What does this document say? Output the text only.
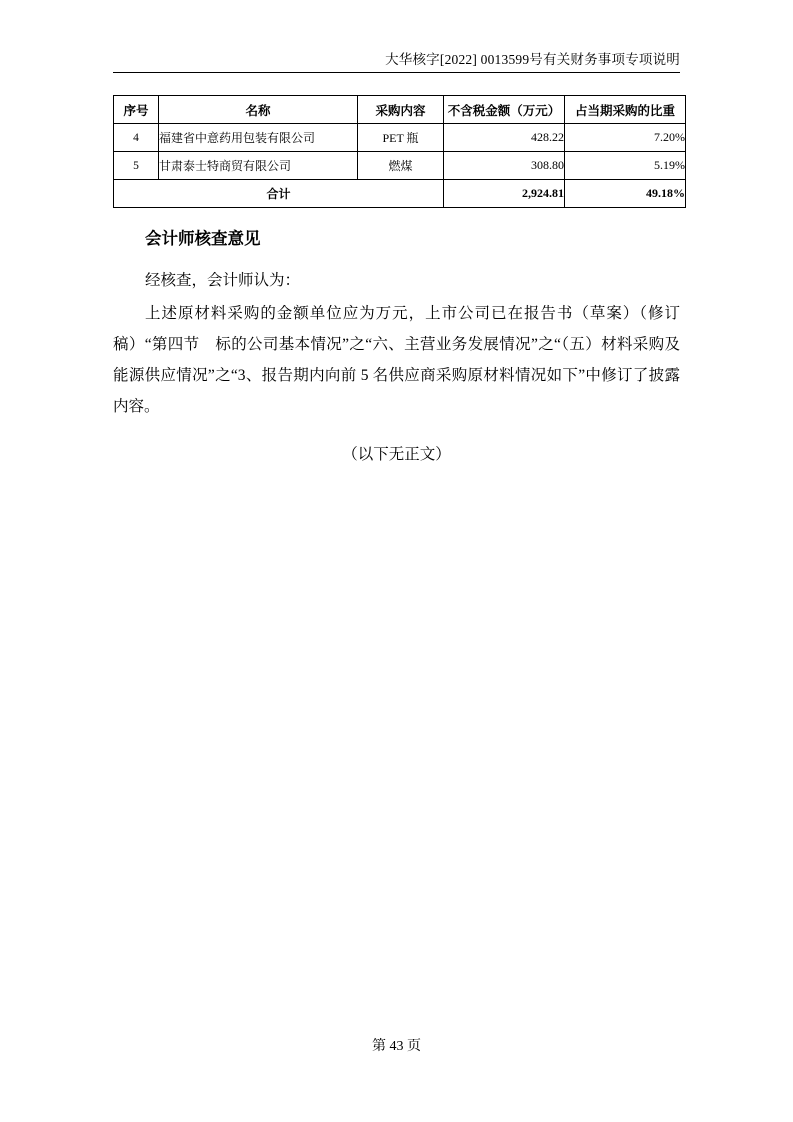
大华核字[2022] 0013599号有关财务事项专项说明
序号	名称	采购内容	不含税金额（万元）	占当期采购的比重
4	福建省中意药用包装有限公司	PET 瓶	428.22	7.20%
5	甘肃泰士特商贸有限公司	燃煤	308.80	5.19%
合计			2,924.81	49.18%
会计师核查意见

经核查，会计师认为：

上述原材料采购的金额单位应为万元，上市公司已在报告书（草案）（修订稿）“第四节　标的公司基本情况”之“六、主营业务发展情况”之“（五）材料采购及能源供应情况”之“3、报告期内向前 5 名供应商采购原材料情况如下”中修订了披露内容。

（以下无正文）
第 43 页
